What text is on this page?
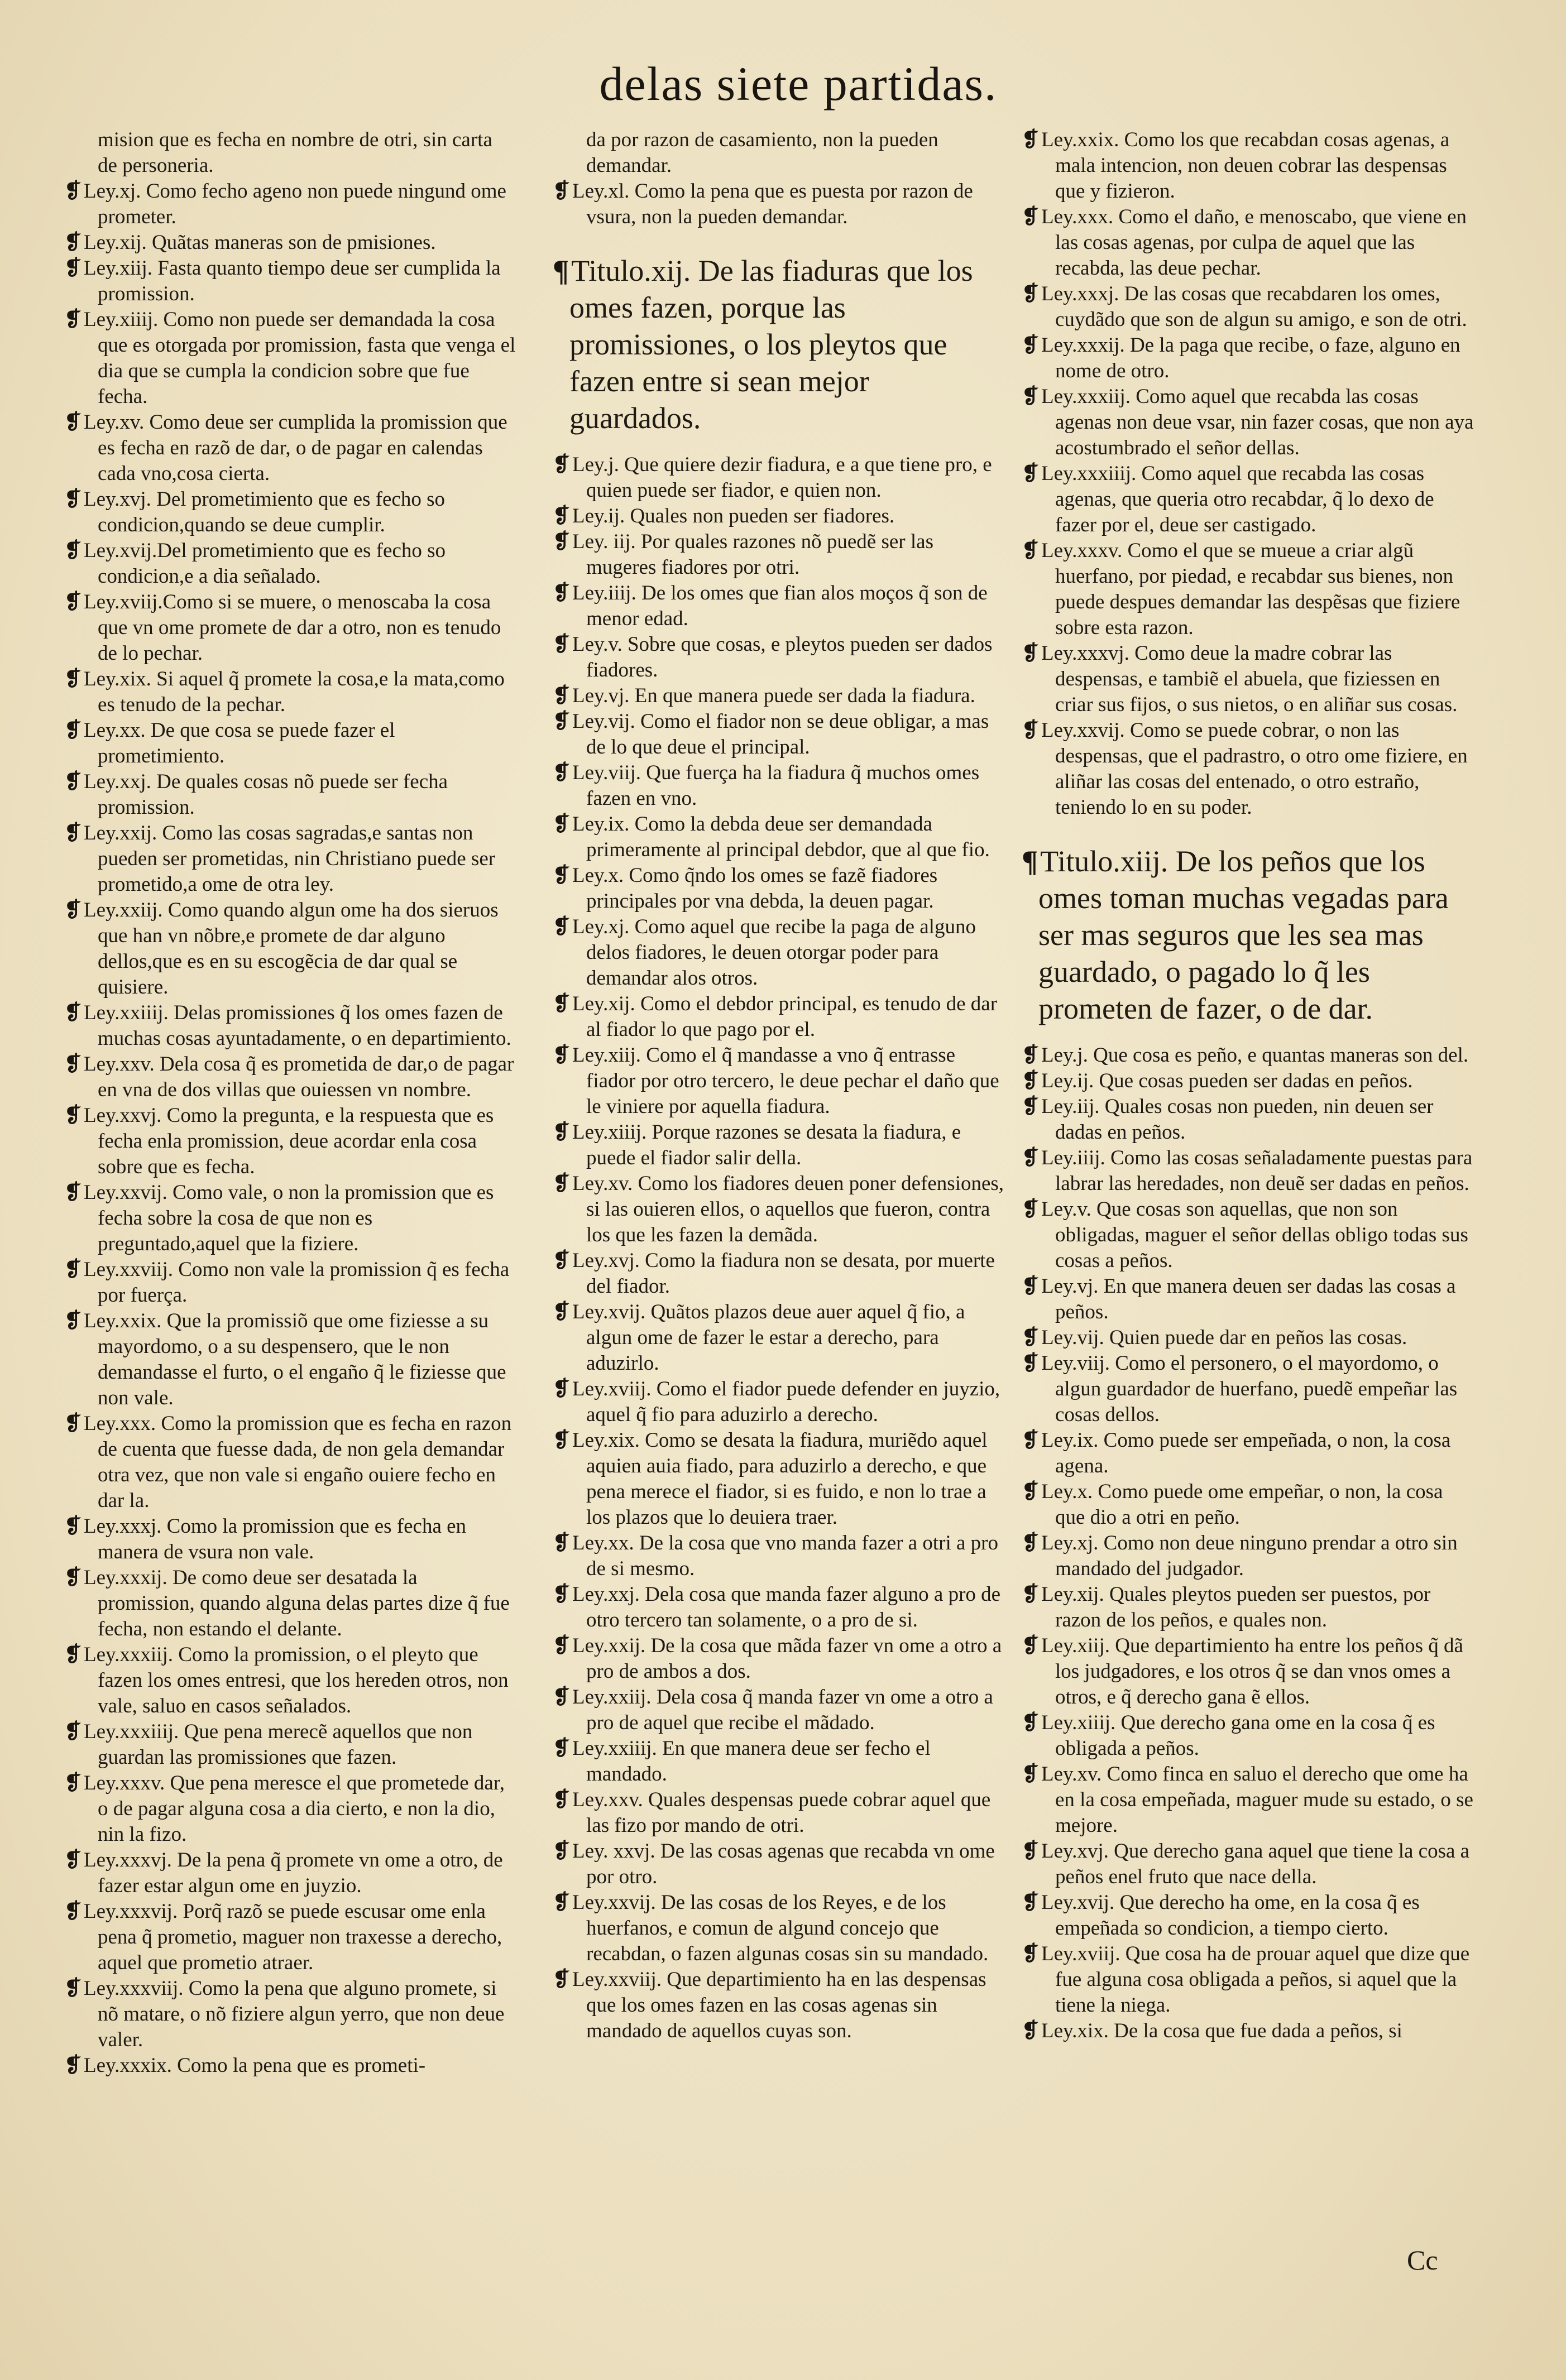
delas siete partidas.
mision que es fecha en nombre de otri, sin carta de personeria.
❡ Ley.xj. Como fecho ageno non puede ningund ome prometer.
❡ Ley.xij. Quãtas maneras son de pmisiones.
❡ Ley.xiij. Fasta quanto tiempo deue ser cumplida la promission.
❡ Ley.xiiij. Como non puede ser demandada la cosa que es otorgada por promission, fasta que venga el dia que se cumpla la condicion sobre que fue fecha.
❡ Ley.xv. Como deue ser cumplida la promission que es fecha en razõ de dar, o de pagar en calendas cada vno,cosa cierta.
❡ Ley.xvj. Del prometimiento que es fecho so condicion,quando se deue cumplir.
❡ Ley.xvij.Del prometimiento que es fecho so condicion,e a dia señalado.
❡ Ley.xviij.Como si se muere, o menoscaba la cosa que vn ome promete de dar a otro, non es tenudo de lo pechar.
❡ Ley.xix. Si aquel q̃ promete la cosa,e la mata,como es tenudo de la pechar.
❡ Ley.xx. De que cosa se puede fazer el prometimiento.
❡ Ley.xxj. De quales cosas nõ puede ser fecha promission.
❡ Ley.xxij. Como las cosas sagradas,e santas non pueden ser prometidas, nin Christiano puede ser prometido,a ome de otra ley.
❡ Ley.xxiij. Como quando algun ome ha dos sieruos que han vn nõbre,e promete de dar alguno dellos,que es en su escogẽcia de dar qual se quisiere.
❡ Ley.xxiiij. Delas promissiones q̃ los omes fazen de muchas cosas ayuntadamente, o en departimiento.
❡ Ley.xxv. Dela cosa q̃ es prometida de dar,o de pagar en vna de dos villas que ouiessen vn nombre.
❡ Ley.xxvj. Como la pregunta, e la respuesta que es fecha enla promission, deue acordar enla cosa sobre que es fecha.
❡ Ley.xxvij. Como vale, o non la promission que es fecha sobre la cosa de que non es preguntado,aquel que la fiziere.
❡ Ley.xxviij. Como non vale la promission q̃ es fecha por fuerça.
❡ Ley.xxix. Que la promissiõ que ome fiziesse a su mayordomo, o a su despensero, que le non demandasse el furto, o el engaño q̃ le fiziesse que non vale.
❡ Ley.xxx. Como la promission que es fecha en razon de cuenta que fuesse dada, de non gela demandar otra vez, que non vale si engaño ouiere fecho en dar la.
❡ Ley.xxxj. Como la promission que es fecha en manera de vsura non vale.
❡ Ley.xxxij. De como deue ser desatada la promission, quando alguna delas partes dize q̃ fue fecha, non estando el delante.
❡ Ley.xxxiij. Como la promission, o el pleyto que fazen los omes entresi, que los hereden otros, non vale, saluo en casos señalados.
❡ Ley.xxxiiij. Que pena merecẽ aquellos que non guardan las promissiones que fazen.
❡ Ley.xxxv. Que pena meresce el que prometede dar, o de pagar alguna cosa a dia cierto, e non la dio, nin la fizo.
❡ Ley.xxxvj. De la pena q̃ promete vn ome a otro, de fazer estar algun ome en juyzio.
❡ Ley.xxxvij. Porq̃ razõ se puede escusar ome enla pena q̃ prometio, maguer non traxesse a derecho, aquel que prometio atraer.
❡ Ley.xxxviij. Como la pena que alguno promete, si nõ matare, o nõ fiziere algun yerro, que non deue valer.
❡ Ley.xxxix. Como la pena que es prometi-
da por razon de casamiento, non la pueden demandar.
❡ Ley.xl. Como la pena que es puesta por razon de vsura, non la pueden demandar.
¶Titulo.xij. De las fiaduras que los omes fazen, porque las promissiones, o los pleytos que fazen entre si sean mejor guardados.
❡ Ley.j. Que quiere dezir fiadura, e a que tiene pro, e quien puede ser fiador, e quien non.
❡ Ley.ij. Quales non pueden ser fiadores.
❡ Ley. iij. Por quales razones nõ puedẽ ser las mugeres fiadores por otri.
❡ Ley.iiij. De los omes que fian alos moços q̃ son de menor edad.
❡ Ley.v. Sobre que cosas, e pleytos pueden ser dados fiadores.
❡ Ley.vj. En que manera puede ser dada la fiadura.
❡ Ley.vij. Como el fiador non se deue obligar, a mas de lo que deue el principal.
❡ Ley.viij. Que fuerça ha la fiadura q̃ muchos omes fazen en vno.
❡ Ley.ix. Como la debda deue ser demandada primeramente al principal debdor, que al que fio.
❡ Ley.x. Como q̃ndo los omes se fazẽ fiadores principales por vna debda, la deuen pagar.
❡ Ley.xj. Como aquel que recibe la paga de alguno delos fiadores, le deuen otorgar poder para demandar alos otros.
❡ Ley.xij. Como el debdor principal, es tenudo de dar al fiador lo que pago por el.
❡ Ley.xiij. Como el q̃ mandasse a vno q̃ entrasse fiador por otro tercero, le deue pechar el daño que le viniere por aquella fiadura.
❡ Ley.xiiij. Porque razones se desata la fiadura, e puede el fiador salir della.
❡ Ley.xv. Como los fiadores deuen poner defensiones, si las ouieren ellos, o aquellos que fueron, contra los que les fazen la demãda.
❡ Ley.xvj. Como la fiadura non se desata, por muerte del fiador.
❡ Ley.xvij. Quãtos plazos deue auer aquel q̃ fio, a algun ome de fazer le estar a derecho, para aduzirlo.
❡ Ley.xviij. Como el fiador puede defender en juyzio, aquel q̃ fio para aduzirlo a derecho.
❡ Ley.xix. Como se desata la fiadura, muriẽdo aquel aquien auia fiado, para aduzirlo a derecho, e que pena merece el fiador, si es fuido, e non lo trae a los plazos que lo deuiera traer.
❡ Ley.xx. De la cosa que vno manda fazer a otri a pro de si mesmo.
❡ Ley.xxj. Dela cosa que manda fazer alguno a pro de otro tercero tan solamente, o a pro de si.
❡ Ley.xxij. De la cosa que mãda fazer vn ome a otro a pro de ambos a dos.
❡ Ley.xxiij. Dela cosa q̃ manda fazer vn ome a otro a pro de aquel que recibe el mãdado.
❡ Ley.xxiiij. En que manera deue ser fecho el mandado.
❡ Ley.xxv. Quales despensas puede cobrar aquel que las fizo por mando de otri.
❡ Ley. xxvj. De las cosas agenas que recabda vn ome por otro.
❡ Ley.xxvij. De las cosas de los Reyes, e de los huerfanos, e comun de algund concejo que recabdan, o fazen algunas cosas sin su mandado.
❡ Ley.xxviij. Que departimiento ha en las despensas que los omes fazen en las cosas agenas sin mandado de aquellos cuyas son.
❡ Ley.xxix. Como los que recabdan cosas agenas, a mala intencion, non deuen cobrar las despensas que y fizieron.
❡ Ley.xxx. Como el daño, e menoscabo, que viene en las cosas agenas, por culpa de aquel que las recabda, las deue pechar.
❡ Ley.xxxj. De las cosas que recabdaren los omes, cuydãdo que son de algun su amigo, e son de otri.
❡ Ley.xxxij. De la paga que recibe, o faze, alguno en nome de otro.
❡ Ley.xxxiij. Como aquel que recabda las cosas agenas non deue vsar, nin fazer cosas, que non aya acostumbrado el señor dellas.
❡ Ley.xxxiiij. Como aquel que recabda las cosas agenas, que queria otro recabdar, q̃ lo dexo de fazer por el, deue ser castigado.
❡ Ley.xxxv. Como el que se mueue a criar algũ huerfano, por piedad, e recabdar sus bienes, non puede despues demandar las despẽsas que fiziere sobre esta razon.
❡ Ley.xxxvj. Como deue la madre cobrar las despensas, e tambiẽ el abuela, que fiziessen en criar sus fijos, o sus nietos, o en aliñar sus cosas.
❡ Ley.xxvij. Como se puede cobrar, o non las despensas, que el padrastro, o otro ome fiziere, en aliñar las cosas del entenado, o otro estraño, teniendo lo en su poder.
¶Titulo.xiij. De los peños que los omes toman muchas vegadas para ser mas seguros que les sea mas guardado, o pagado lo q̃ les prometen de fazer, o de dar.
❡ Ley.j. Que cosa es peño, e quantas maneras son del.
❡ Ley.ij. Que cosas pueden ser dadas en peños.
❡ Ley.iij. Quales cosas non pueden, nin deuen ser dadas en peños.
❡ Ley.iiij. Como las cosas señaladamente puestas para labrar las heredades, non deuẽ ser dadas en peños.
❡ Ley.v. Que cosas son aquellas, que non son obligadas, maguer el señor dellas obligo todas sus cosas a peños.
❡ Ley.vj. En que manera deuen ser dadas las cosas a peños.
❡ Ley.vij. Quien puede dar en peños las cosas.
❡ Ley.viij. Como el personero, o el mayordomo, o algun guardador de huerfano, puedẽ empeñar las cosas dellos.
❡ Ley.ix. Como puede ser empeñada, o non, la cosa agena.
❡ Ley.x. Como puede ome empeñar, o non, la cosa que dio a otri en peño.
❡ Ley.xj. Como non deue ninguno prendar a otro sin mandado del judgador.
❡ Ley.xij. Quales pleytos pueden ser puestos, por razon de los peños, e quales non.
❡ Ley.xiij. Que departimiento ha entre los peños q̃ dã los judgadores, e los otros q̃ se dan vnos omes a otros, e q̃ derecho gana ẽ ellos.
❡ Ley.xiiij. Que derecho gana ome en la cosa q̃ es obligada a peños.
❡ Ley.xv. Como finca en saluo el derecho que ome ha en la cosa empeñada, maguer mude su estado, o se mejore.
❡ Ley.xvj. Que derecho gana aquel que tiene la cosa a peños enel fruto que nace della.
❡ Ley.xvij. Que derecho ha ome, en la cosa q̃ es empeñada so condicion, a tiempo cierto.
❡ Ley.xviij. Que cosa ha de prouar aquel que dize que fue alguna cosa obligada a peños, si aquel que la tiene la niega.
❡ Ley.xix. De la cosa que fue dada a peños, si
Cc
